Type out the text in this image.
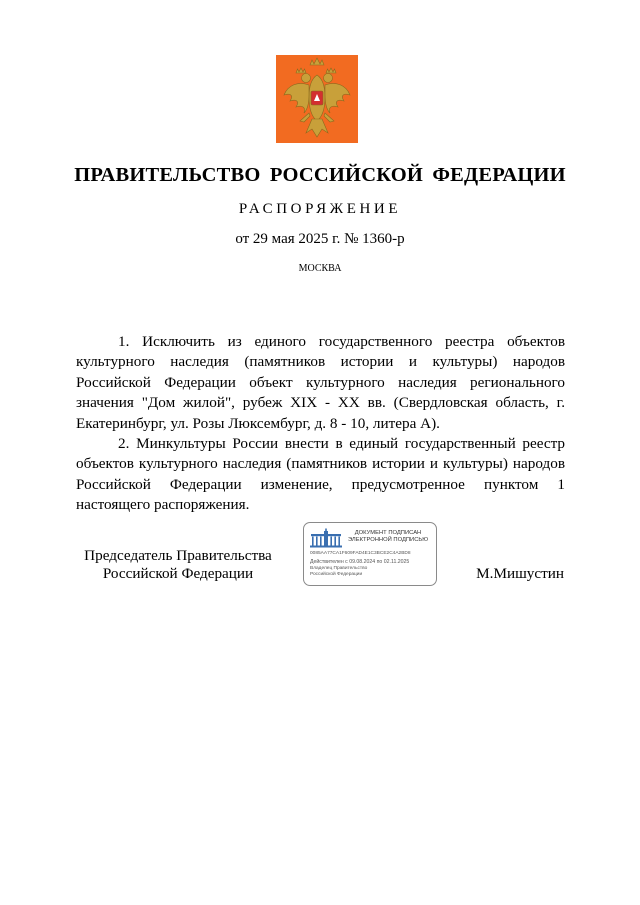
ПРАВИТЕЛЬСТВО РОССИЙСКОЙ ФЕДЕРАЦИИ
РАСПОРЯЖЕНИЕ
от 29 мая 2025 г. № 1360-р
МОСКВА

1. Исключить из единого государственного реестра объектов культурного наследия (памятников истории и культуры) народов Российской Федерации объект культурного наследия регионального значения "Дом жилой", рубеж XIX - XX вв. (Свердловская область, г. Екатеринбург, ул. Розы Люксембург, д. 8 - 10, литера А).

2. Минкультуры России внести в единый государственный реестр объектов культурного наследия (памятников истории и культуры) народов Российской Федерации изменение, предусмотренное пунктом 1 настоящего распоряжения.

Председатель Правительства
Российской Федерации
ДОКУМЕНТ ПОДПИСАН
ЭЛЕКТРОННОЙ ПОДПИСЬЮ
0085AA77CA1F609FAD4E1C3BCE2C4A2BD8
Действителен с 09.08.2024 по 02.11.2025
Владелец Правительство Российской Федерации	М.Мишустин
